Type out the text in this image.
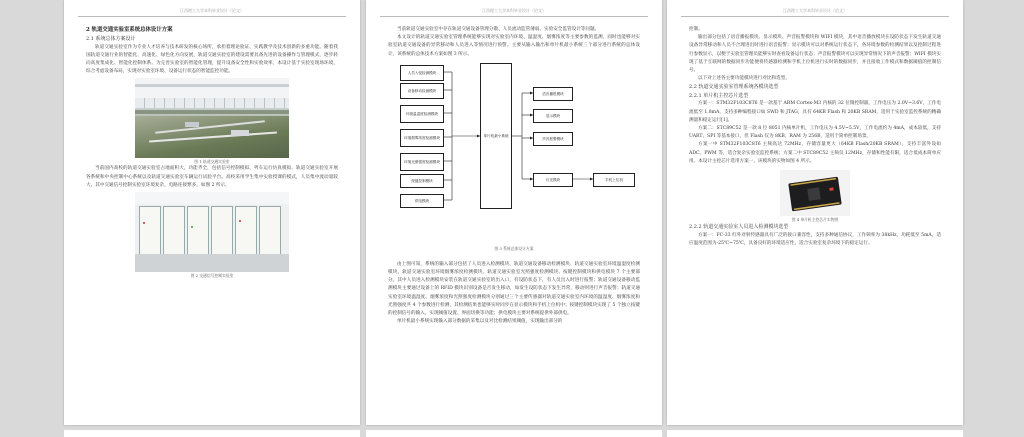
江西理工大学本科毕业设计（论文）

2 轨道交通实验室系统总体设计方案

2.1 系统总体方案设计

轨道交通实验室作为专业人才培养与技术研发的核心场所，承担着理论验证、实践教学及技术创新的多重功能。随着我国轨道交通行业的智能化、高速化、绿色化方向发展，轨道交通实验室的建设需要具备先进的设备操作与管理模式，逐步转向高度集成化、智能化控制体系。为完善实验室的智能化管理，提升设备安全性和实验效率，本设计基于实验室现场环境，综合考虑设备布局，实现对实验室环境、设备运行状态的智能监控功能。

图 1 轨道交通实验室

当前国内高校的轨道交通实验室占地面积大，功能齐全，包括信号控制模拟、列车运行仿真模拟、轨道交通实验室开展各系统和中央控制中心系统以及轨道交通实验室车辆运行试验平台。高校采用学生集中实验授课的模式，人员集中流动量较大，其中交通信号控制实验室环境复杂，电路连接繁多，如图 2 所示。

图 2 交通信号控制实验室

江西理工大学本科毕业设计（论文）

当前轨道交通实验室中存在轨道交通设备管理分散、人员流动监管薄弱、实验安全监管设计等问题。

本文设计的轨道交通实验室管理系统能够实现对实验室内环境、温湿度、烟雾浓度等主要参数的监测，同时也能够对实验室轨道交通设备的异常移动和人员进入等情况进行预警。主要从输入输出和单片机最小系统三个部分进行系统的总体设计，该系统的总体技术方案如图 3 所示。

人员入侵检测模块
设备移动检测模块
环境温湿度检测模块
环境烟雾浓度检测模块
环境光照强度检测模块
按键控制模块
供电模块
单片机最小系统
语音播报模块
显示模块
声音报警模块
灯光模块	手机上位机

图 3 系统总体设计方案

由上图可知，系统的输入部分包括了人员进入检测模块、轨道交通设备移动检测模块、轨道交通实验室环境温湿度检测模块、轨道交通实验室环境烟雾浓度检测模块、轨道交通实验室光照强度检测模块、按键控制模块和供电模块 7 个主要部分。其中人员进入检测模块安装在轨道交通实验室的出入口，有设防状态下，有人员出入时进行报警；轨道交通设备移动监测模块主要通过设备上的 RFID 模块识别设备是否发生移动，如发生设防状态下发生异常，移动则进行声音报警；轨道交通实验室环境温湿度、烟雾浓度和光照强度检测模块分别通过三个主要传感器对轨道交通实验室内环境的温湿度、烟雾浓度和光照强度共 4 个参数进行检测，其检测结果也能够实时同步在显示模块和手机上位机中；按键控制模块实现了 5 个独立按键的控制信号的输入，实现阈值设置、界面切换等功能；供电模块主要对系统提供外部供电。

单片机最小系统实现输入部分数据的采集以及对比检测结果阈值，实现输出部分的

江西理工大学本科毕业设计（论文）

控制。

输出部分包括了语音播报模块、显示模块、声音报警模块和 WIFI 模块，其中语音播放模块在设防状态下发生轨道交通设备异常移动和人员不合理进出时进行语音报警；显示模块可以对系统运行状态下，各环境参数的检测结果以及控制过程进行参数显示，以便于实验室管理员能够实时查看设备运行状态；声音报警模块可以实现异常情况下的声音报警；WIFI 模块实现了基于互联网的数据同步功能便将传感器检测和手机上位机进行实时的数据同步，并且接收工作模式和数据阈值的控制信号。

以下对上述各主要功能模块进行对比和选型。

2.2 轨道交通实验室管理系统各模块选型

2.2.1 单片机主控芯片选型

方案一：STM32F103C8T6 是一款基于 ARM Cortex-M3 内核的 32 位微控制器，工作电压为 2.0V~3.6V，工作电流低至 1.8mA，支持多种编程接口如 SWD 和 JTAG，具有 64KB Flash 和 20KB SRAM，适用于实验室监控系统的精确测量和稳定运行[1]。

方案二：STC89C52 是一款 8 位 8051 内核单片机，工作电压为 4.5V~5.5V，工作电流约为 4mA，成本较低，支持 UART、SPI 等基本接口，但 Flash 仅为 8KB，RAM 为 256B，适用于简单控制场景。

方案一中 STM32F103C8T6 主频高达 72MHz，存储容量更大（64KB Flash/20KB SRAM），支持丰富外设如 ADC、PWM 等，适合复杂实验室监控系统；方案二中 STC89C52 主频仅 12MHz，存储和性能有限，适合低成本简单应用。本设计主控芯片选用方案一，该模块的实物如图 4 所示。

图 4 单片机主控芯片实物图

2.2.2 轨道交通实验室人员进入检测模块选型

方案一：FC-33 红外对射传感器具有广泛的接口兼容性，支持多种通信协议，工作频率为 38kHz，功耗低至 5mA，适应温度范围为-25℃~75℃，具备良好的环境适应性，适合实验室复杂环境下的稳定运行。
